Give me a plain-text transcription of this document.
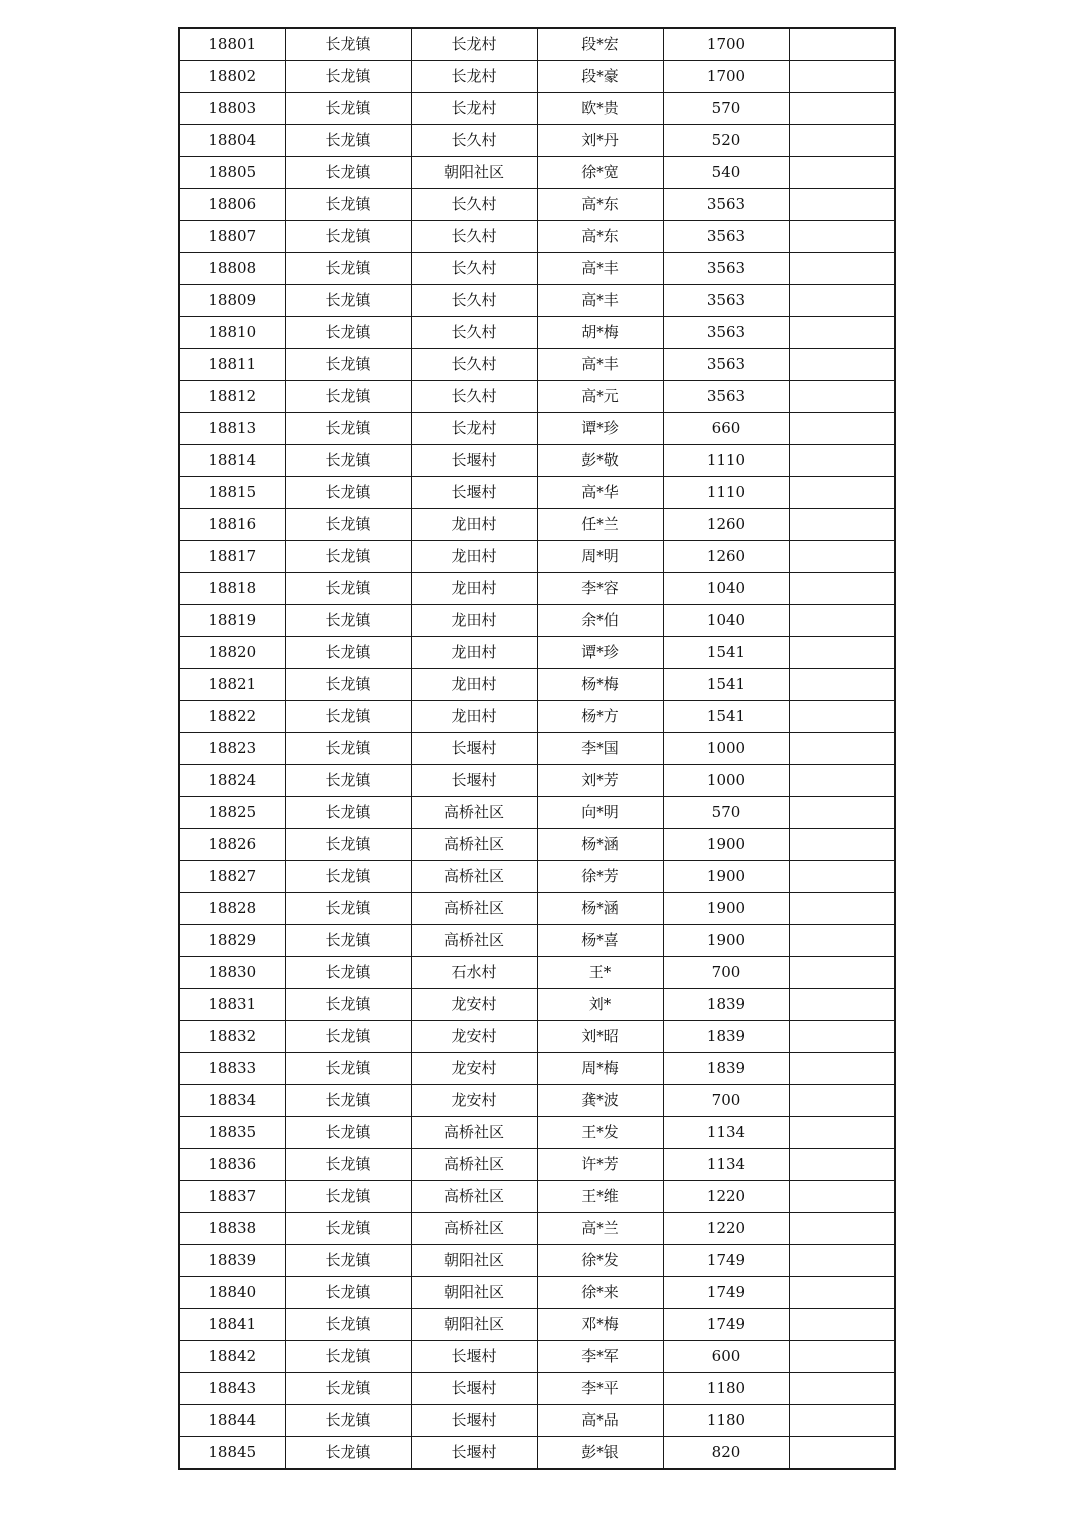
18801	长龙镇	长龙村	段*宏	1700	
18802	长龙镇	长龙村	段*豪	1700	
18803	长龙镇	长龙村	欧*贵	570	
18804	长龙镇	长久村	刘*丹	520	
18805	长龙镇	朝阳社区	徐*宽	540	
18806	长龙镇	长久村	高*东	3563	
18807	长龙镇	长久村	高*东	3563	
18808	长龙镇	长久村	高*丰	3563	
18809	长龙镇	长久村	高*丰	3563	
18810	长龙镇	长久村	胡*梅	3563	
18811	长龙镇	长久村	高*丰	3563	
18812	长龙镇	长久村	高*元	3563	
18813	长龙镇	长龙村	谭*珍	660	
18814	长龙镇	长堰村	彭*敬	1110	
18815	长龙镇	长堰村	高*华	1110	
18816	长龙镇	龙田村	任*兰	1260	
18817	长龙镇	龙田村	周*明	1260	
18818	长龙镇	龙田村	李*容	1040	
18819	长龙镇	龙田村	余*伯	1040	
18820	长龙镇	龙田村	谭*珍	1541	
18821	长龙镇	龙田村	杨*梅	1541	
18822	长龙镇	龙田村	杨*方	1541	
18823	长龙镇	长堰村	李*国	1000	
18824	长龙镇	长堰村	刘*芳	1000	
18825	长龙镇	高桥社区	向*明	570	
18826	长龙镇	高桥社区	杨*涵	1900	
18827	长龙镇	高桥社区	徐*芳	1900	
18828	长龙镇	高桥社区	杨*涵	1900	
18829	长龙镇	高桥社区	杨*喜	1900	
18830	长龙镇	石水村	王*	700	
18831	长龙镇	龙安村	刘*	1839	
18832	长龙镇	龙安村	刘*昭	1839	
18833	长龙镇	龙安村	周*梅	1839	
18834	长龙镇	龙安村	龚*波	700	
18835	长龙镇	高桥社区	王*发	1134	
18836	长龙镇	高桥社区	许*芳	1134	
18837	长龙镇	高桥社区	王*维	1220	
18838	长龙镇	高桥社区	高*兰	1220	
18839	长龙镇	朝阳社区	徐*发	1749	
18840	长龙镇	朝阳社区	徐*来	1749	
18841	长龙镇	朝阳社区	邓*梅	1749	
18842	长龙镇	长堰村	李*军	600	
18843	长龙镇	长堰村	李*平	1180	
18844	长龙镇	长堰村	高*品	1180	
18845	长龙镇	长堰村	彭*银	820	
